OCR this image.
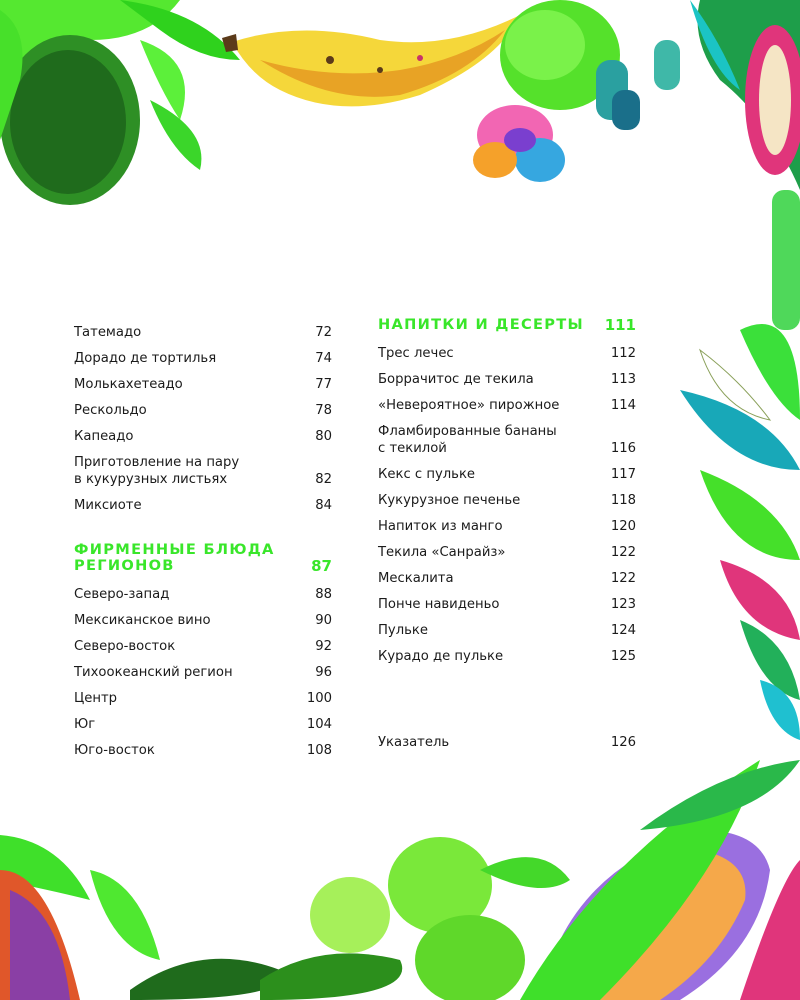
Татемадо	72
Дорадо де тортилья	74
Молькахетеадо	77
Рескольдо	78
Капеадо	80
Приготовление на пару
в кукурузных листьях	82
Миксиоте	84
ФИРМЕННЫЕ БЛЮДА
РЕГИОНОВ	87
Северо-запад	88
Мексиканское вино	90
Северо-восток	92
Тихоокеанский регион	96
Центр	100
Юг	104
Юго-восток	108
НАПИТКИ И ДЕСЕРТЫ 111
Трес лечес	112
Боррачитос де текила	113
«Невероятное» пирожное	114
Фламбированные бананы
с текилой	116
Кекс с пульке	117
Кукурузное печенье	118
Напиток из манго	120
Текила «Санрайз»	122
Мескалита	122
Понче навиденьо	123
Пульке	124
Курадо де пульке	125
Указатель	126
